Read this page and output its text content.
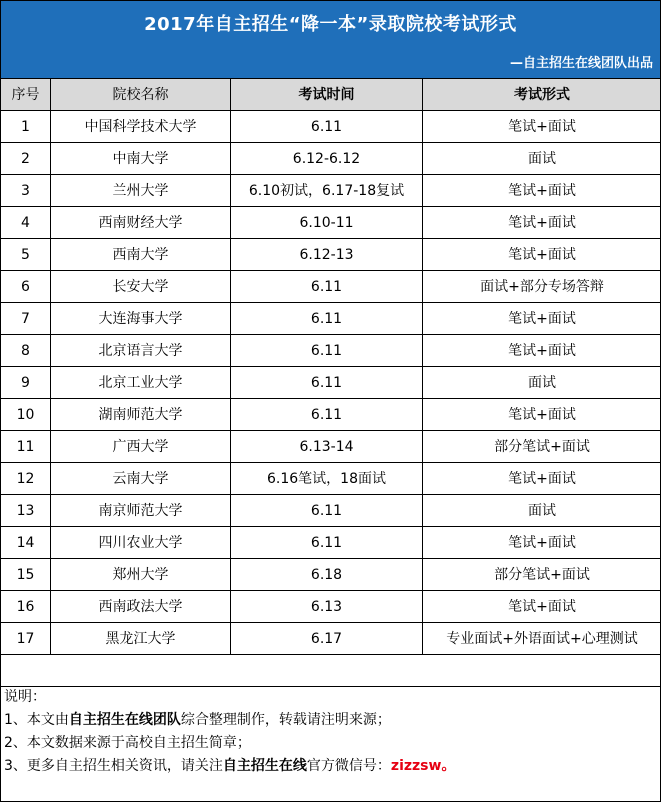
2017年自主招生“降一本”录取院校考试形式
—自主招生在线团队出品
序号	院校名称	考试时间	考试形式
1	中国科学技术大学	6.11	笔试+面试
2	中南大学	6.12-6.12	面试
3	兰州大学	6.10初试，6.17-18复试	笔试+面试
4	西南财经大学	6.10-11	笔试+面试
5	西南大学	6.12-13	笔试+面试
6	长安大学	6.11	面试+部分专场答辩
7	大连海事大学	6.11	笔试+面试
8	北京语言大学	6.11	笔试+面试
9	北京工业大学	6.11	面试
10	湖南师范大学	6.11	笔试+面试
11	广西大学	6.13-14	部分笔试+面试
12	云南大学	6.16笔试，18面试	笔试+面试
13	南京师范大学	6.11	面试
14	四川农业大学	6.11	笔试+面试
15	郑州大学	6.18	部分笔试+面试
16	西南政法大学	6.13	笔试+面试
17	黑龙江大学	6.17	专业面试+外语面试+心理测试

说明：
1、本文由自主招生在线团队综合整理制作，转载请注明来源；
2、本文数据来源于高校自主招生简章；
3、更多自主招生相关资讯，请关注自主招生在线官方微信号：zizzsw。
